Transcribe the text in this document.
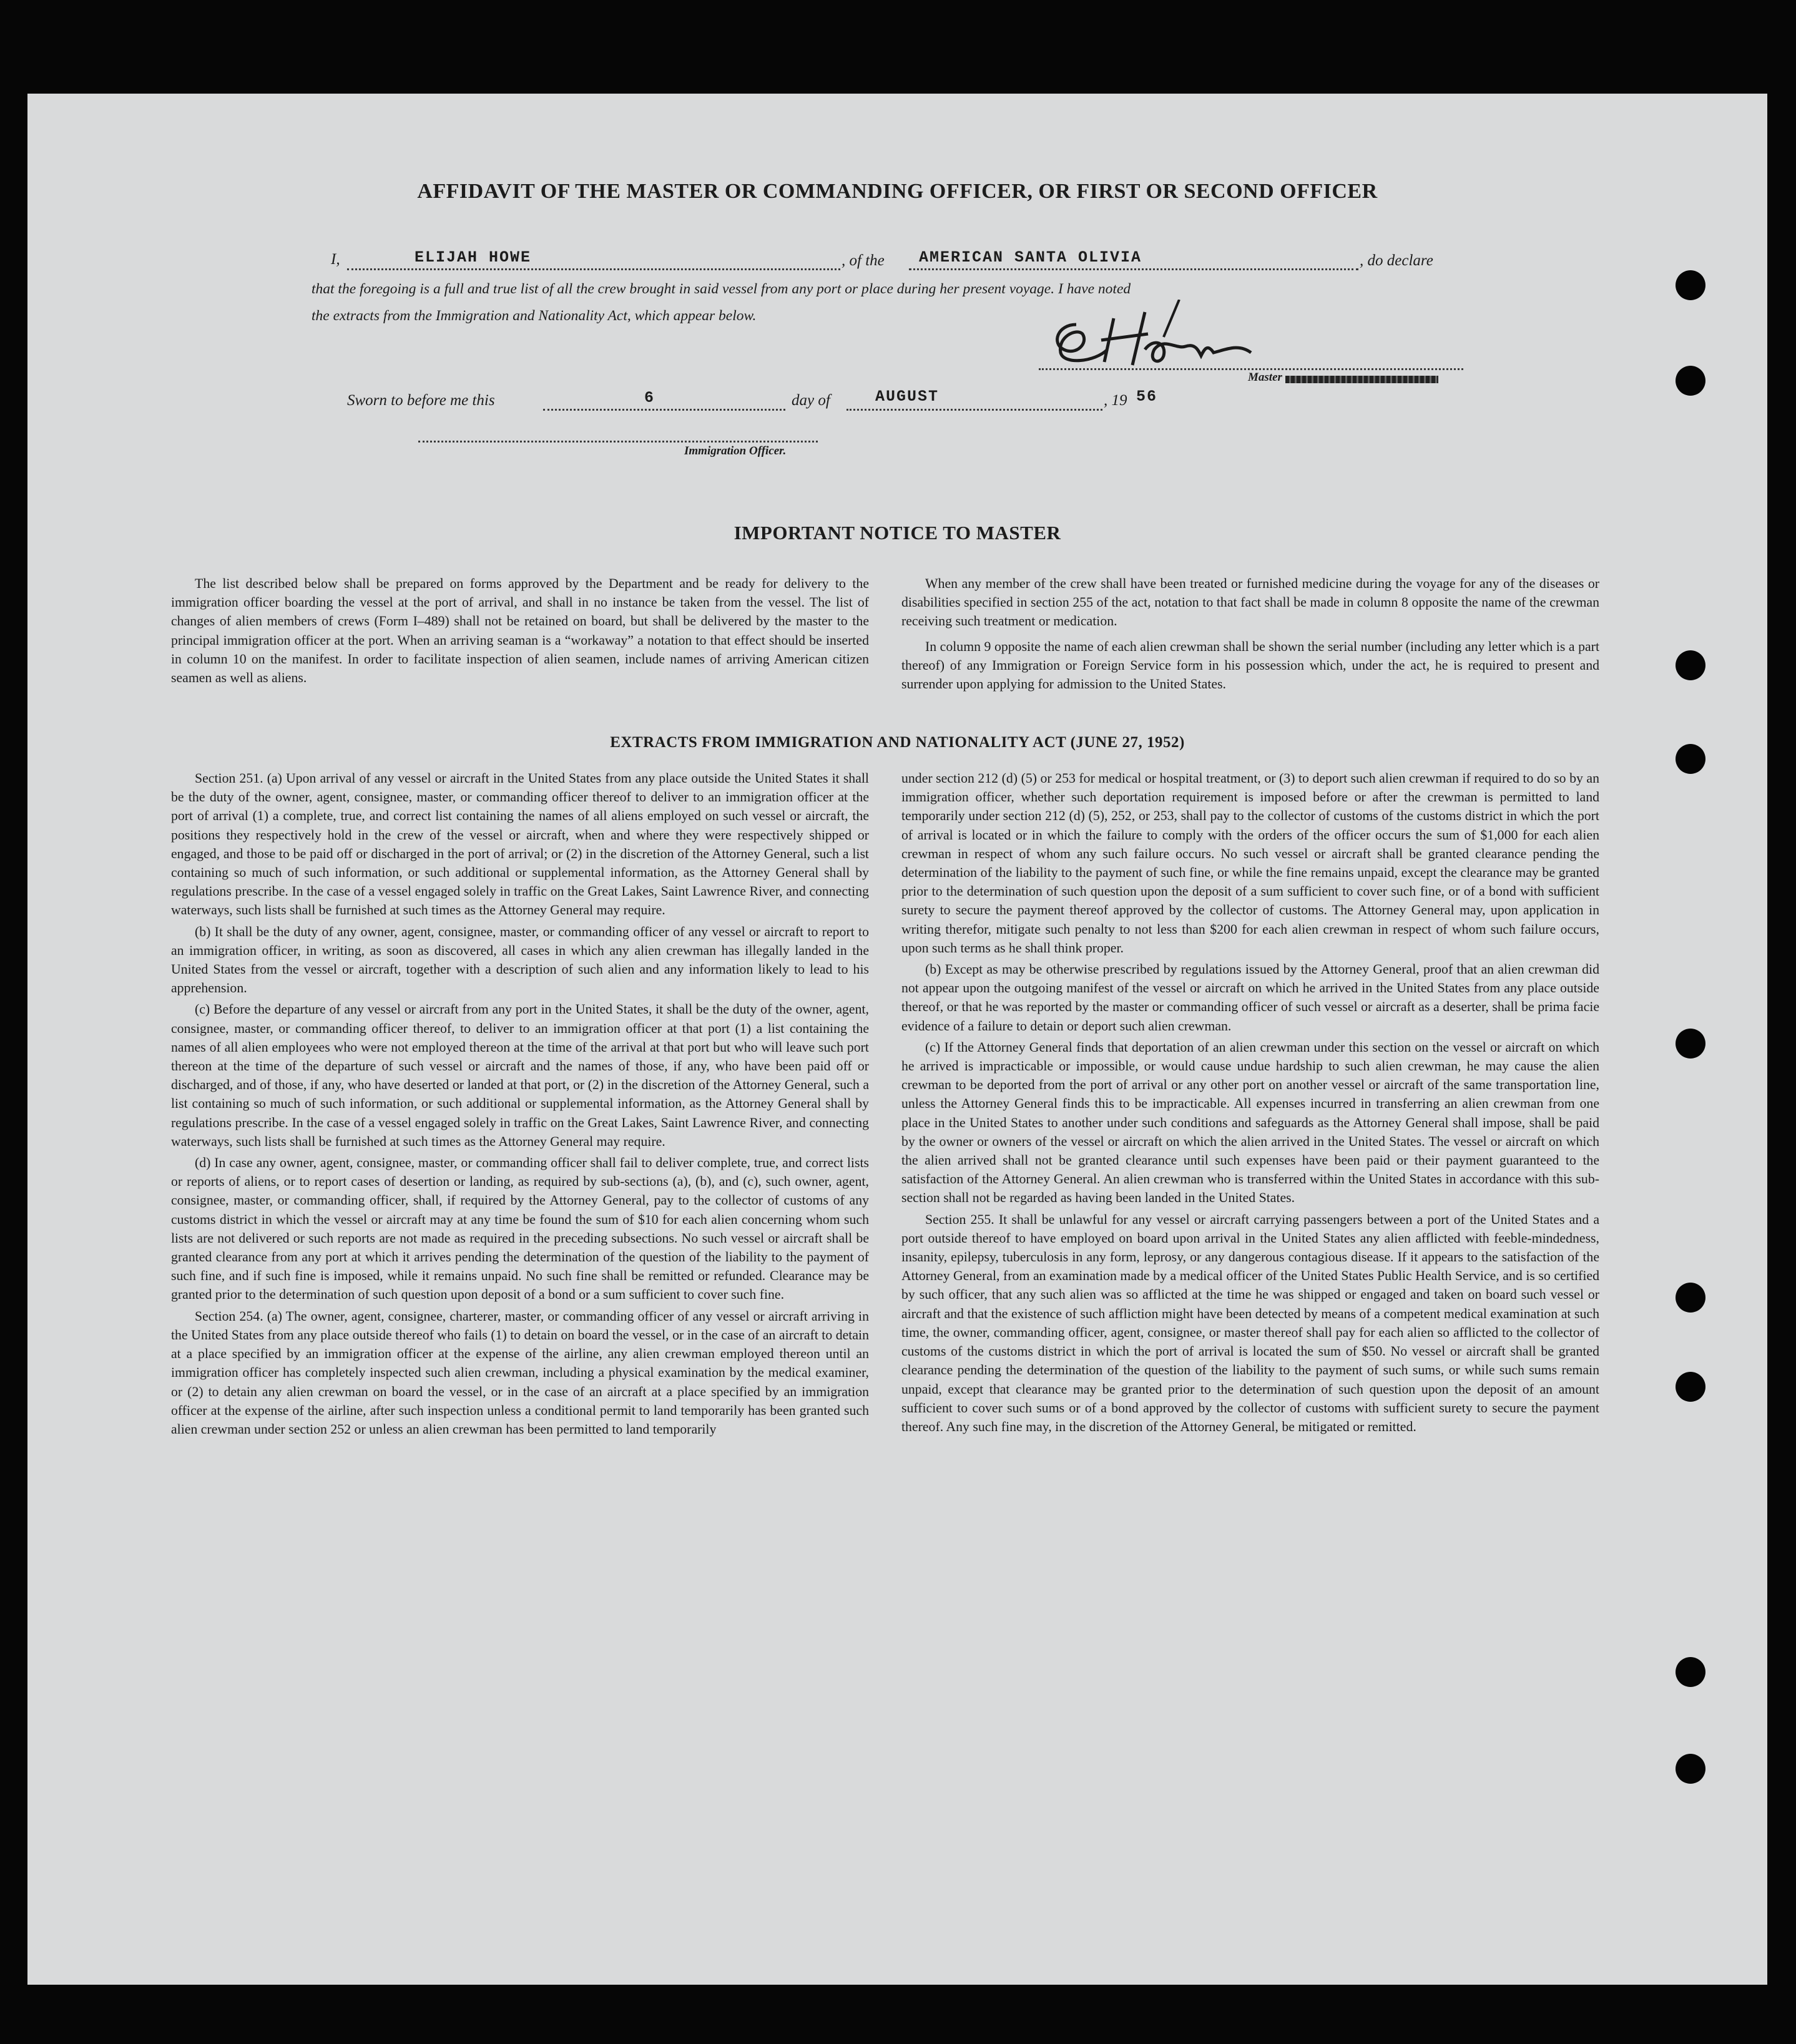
AFFIDAVIT OF THE MASTER OR COMMANDING OFFICER, OR FIRST OR SECOND OFFICER
I,	ELIJAH HOWE	, of the AMERICAN SANTA OLIVIA	, do declare
that the foregoing is a full and true list of all the crew brought in said vessel from any port or place during her present voyage. I have noted
the extracts from the Immigration and Nationality Act, which appear below.
Master
Sworn to before me this	6	day of	AUGUST	, 19 56
Immigration Officer.
IMPORTANT NOTICE TO MASTER

The list described below shall be prepared on forms approved by the Department and be ready for delivery to the immigration officer boarding the vessel at the port of arrival, and shall in no instance be taken from the vessel. The list of changes of alien members of crews (Form I–489) shall not be retained on board, but shall be delivered by the master to the principal immigration officer at the port. When an arriving seaman is a “workaway” a notation to that effect should be inserted in column 10 on the manifest. In order to facilitate inspection of alien seamen, include names of arriving American citizen seamen as well as aliens.

When any member of the crew shall have been treated or furnished medicine during the voyage for any of the diseases or disabilities specified in section 255 of the act, notation to that fact shall be made in column 8 opposite the name of the crewman receiving such treatment or medication.

In column 9 opposite the name of each alien crewman shall be shown the serial number (including any letter which is a part thereof) of any Immigration or Foreign Service form in his possession which, under the act, he is required to present and surrender upon applying for admission to the United States.

EXTRACTS FROM IMMIGRATION AND NATIONALITY ACT (JUNE 27, 1952)

Section 251. (a) Upon arrival of any vessel or aircraft in the United States from any place outside the United States it shall be the duty of the owner, agent, consignee, master, or commanding officer thereof to deliver to an immigration officer at the port of arrival (1) a complete, true, and correct list containing the names of all aliens employed on such vessel or aircraft, the positions they respectively hold in the crew of the vessel or aircraft, when and where they were respectively shipped or engaged, and those to be paid off or discharged in the port of arrival; or (2) in the discretion of the Attorney General, such a list containing so much of such information, or such additional or supplemental information, as the Attorney General shall by regulations prescribe. In the case of a vessel engaged solely in traffic on the Great Lakes, Saint Lawrence River, and connecting waterways, such lists shall be furnished at such times as the Attorney General may require.

(b) It shall be the duty of any owner, agent, consignee, master, or commanding officer of any vessel or aircraft to report to an immigration officer, in writing, as soon as discovered, all cases in which any alien crewman has illegally landed in the United States from the vessel or aircraft, together with a description of such alien and any information likely to lead to his apprehension.

(c) Before the departure of any vessel or aircraft from any port in the United States, it shall be the duty of the owner, agent, consignee, master, or commanding officer thereof, to deliver to an immigration officer at that port (1) a list containing the names of all alien employees who were not employed thereon at the time of the arrival at that port but who will leave such port thereon at the time of the departure of such vessel or aircraft and the names of those, if any, who have been paid off or discharged, and of those, if any, who have deserted or landed at that port, or (2) in the discretion of the Attorney General, such a list containing so much of such information, or such additional or supplemental information, as the Attorney General shall by regulations prescribe. In the case of a vessel engaged solely in traffic on the Great Lakes, Saint Lawrence River, and connecting waterways, such lists shall be furnished at such times as the Attorney General may require.

(d) In case any owner, agent, consignee, master, or commanding officer shall fail to deliver complete, true, and correct lists or reports of aliens, or to report cases of desertion or landing, as required by sub-sections (a), (b), and (c), such owner, agent, consignee, master, or commanding officer, shall, if required by the Attorney General, pay to the collector of customs of any customs district in which the vessel or aircraft may at any time be found the sum of $10 for each alien concerning whom such lists are not delivered or such reports are not made as required in the preceding subsections. No such vessel or aircraft shall be granted clearance from any port at which it arrives pending the determination of the question of the liability to the payment of such fine, and if such fine is imposed, while it remains unpaid. No such fine shall be remitted or refunded. Clearance may be granted prior to the determination of such question upon deposit of a bond or a sum sufficient to cover such fine.

Section 254. (a) The owner, agent, consignee, charterer, master, or commanding officer of any vessel or aircraft arriving in the United States from any place outside thereof who fails (1) to detain on board the vessel, or in the case of an aircraft to detain at a place specified by an immigration officer at the expense of the airline, any alien crewman employed thereon until an immigration officer has completely inspected such alien crewman, including a physical examination by the medical examiner, or (2) to detain any alien crewman on board the vessel, or in the case of an aircraft at a place specified by an immigration officer at the expense of the airline, after such inspection unless a conditional permit to land temporarily has been granted such alien crewman under section 252 or unless an alien crewman has been permitted to land temporarily

under section 212 (d) (5) or 253 for medical or hospital treatment, or (3) to deport such alien crewman if required to do so by an immigration officer, whether such deportation requirement is imposed before or after the crewman is permitted to land temporarily under section 212 (d) (5), 252, or 253, shall pay to the collector of customs of the customs district in which the port of arrival is located or in which the failure to comply with the orders of the officer occurs the sum of $1,000 for each alien crewman in respect of whom any such failure occurs. No such vessel or aircraft shall be granted clearance pending the determination of the liability to the payment of such fine, or while the fine remains unpaid, except the clearance may be granted prior to the determination of such question upon the deposit of a sum sufficient to cover such fine, or of a bond with sufficient surety to secure the payment thereof approved by the collector of customs. The Attorney General may, upon application in writing therefor, mitigate such penalty to not less than $200 for each alien crewman in respect of whom such failure occurs, upon such terms as he shall think proper.

(b) Except as may be otherwise prescribed by regulations issued by the Attorney General, proof that an alien crewman did not appear upon the outgoing manifest of the vessel or aircraft on which he arrived in the United States from any place outside thereof, or that he was reported by the master or commanding officer of such vessel or aircraft as a deserter, shall be prima facie evidence of a failure to detain or deport such alien crewman.

(c) If the Attorney General finds that deportation of an alien crewman under this section on the vessel or aircraft on which he arrived is impracticable or impossible, or would cause undue hardship to such alien crewman, he may cause the alien crewman to be deported from the port of arrival or any other port on another vessel or aircraft of the same transportation line, unless the Attorney General finds this to be impracticable. All expenses incurred in transferring an alien crewman from one place in the United States to another under such conditions and safeguards as the Attorney General shall impose, shall be paid by the owner or owners of the vessel or aircraft on which the alien arrived in the United States. The vessel or aircraft on which the alien arrived shall not be granted clearance until such expenses have been paid or their payment guaranteed to the satisfaction of the Attorney General. An alien crewman who is transferred within the United States in accordance with this sub-section shall not be regarded as having been landed in the United States.

Section 255. It shall be unlawful for any vessel or aircraft carrying passengers between a port of the United States and a port outside thereof to have employed on board upon arrival in the United States any alien afflicted with feeble-mindedness, insanity, epilepsy, tuberculosis in any form, leprosy, or any dangerous contagious disease. If it appears to the satisfaction of the Attorney General, from an examination made by a medical officer of the United States Public Health Service, and is so certified by such officer, that any such alien was so afflicted at the time he was shipped or engaged and taken on board such vessel or aircraft and that the existence of such affliction might have been detected by means of a competent medical examination at such time, the owner, commanding officer, agent, consignee, or master thereof shall pay for each alien so afflicted to the collector of customs of the customs district in which the port of arrival is located the sum of $50. No vessel or aircraft shall be granted clearance pending the determination of the question of the liability to the payment of such sums, or while such sums remain unpaid, except that clearance may be granted prior to the determination of such question upon the deposit of an amount sufficient to cover such sums or of a bond approved by the collector of customs with sufficient surety to secure the payment thereof. Any such fine may, in the discretion of the Attorney General, be mitigated or remitted.
